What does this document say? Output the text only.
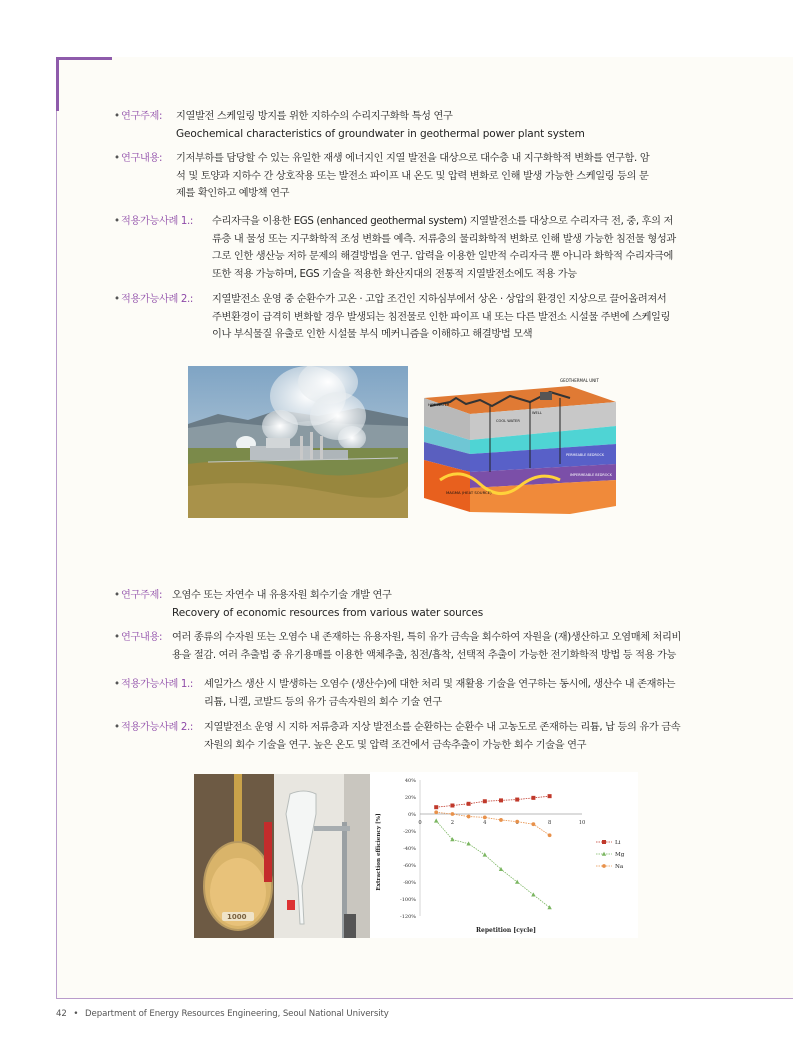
• 연구주제: 지열발전 스케일링 방지를 위한 지하수의 수리지구화학 특성 연구
Geochemical characteristics of groundwater in geothermal power plant system
• 연구내용: 기저부하를 담당할 수 있는 유일한 재생 에너지인 지열 발전을 대상으로 대수층 내 지구화학적 변화를 연구함. 암
석 및 토양과 지하수 간 상호작용 또는 발전소 파이프 내 온도 및 압력 변화로 인해 발생 가능한 스케일링 등의 문
제를 확인하고 예방책 연구
• 적용가능사례 1.: 수리자극을 이용한 EGS (enhanced geothermal system) 지열발전소를 대상으로 수리자극 전, 중, 후의 저
류층 내 물성 또는 지구화학적 조성 변화를 예측. 저류층의 물리화학적 변화로 인해 발생 가능한 침전물 형성과
그로 인한 생산능 저하 문제의 해결방법을 연구. 압력을 이용한 일반적 수리자극 뿐 아니라 화학적 수리자극에
또한 적용 가능하며, EGS 기술을 적용한 화산지대의 전통적 지열발전소에도 적용 가능
• 적용가능사례 2.: 지열발전소 운영 중 순환수가 고온 · 고압 조건인 지하심부에서 상온 · 상압의 환경인 지상으로 끌어올려져서
주변환경이 급격히 변화할 경우 발생되는 침전물로 인한 파이프 내 또는 다른 발전소 시설물 주변에 스케일링
이나 부식물질 유출로 인한 시설물 부식 메커니즘을 이해하고 해결방법 모색
GEOTHERMAL UNIT
HOT WATER
WELL
COOL WATER
MAGMA (HEAT SOURCE)
IMPERMEABLE BEDROCK
PERMEABLE BEDROCK
• 연구주제: 오염수 또는 자연수 내 유용자원 회수기술 개발 연구
Recovery of economic resources from various water sources
• 연구내용: 여러 종류의 수자원 또는 오염수 내 존재하는 유용자원, 특히 유가 금속을 회수하여 자원을 (재)생산하고 오염매체 처리비
용을 절감. 여러 추출법 중 유기용매를 이용한 액체추출, 침전/흡착, 선택적 추출이 가능한 전기화학적 방법 등 적용 가능
• 적용가능사례 1.: 셰일가스 생산 시 발생하는 오염수 (생산수)에 대한 처리 및 재활용 기술을 연구하는 동시에, 생산수 내 존재하는
리튬, 니켈, 코발드 등의 유가 금속자원의 회수 기술 연구
• 적용가능사례 2.: 지열발전소 운영 시 지하 저류층과 지상 발전소를 순환하는 순환수 내 고농도로 존재하는 리튬, 납 등의 유가 금속
자원의 회수 기술을 연구. 높은 온도 및 압력 조건에서 금속추출이 가능한 회수 기술을 연구
1000
40%
20%
0%
-20%
-40%
-60%
-80%
-100%
-120%
0	2	4	8	10
Li
Mg
Na
Repetition [cycle]
Extraction efficiency [%]
42 • Department of Energy Resources Engineering, Seoul National University
